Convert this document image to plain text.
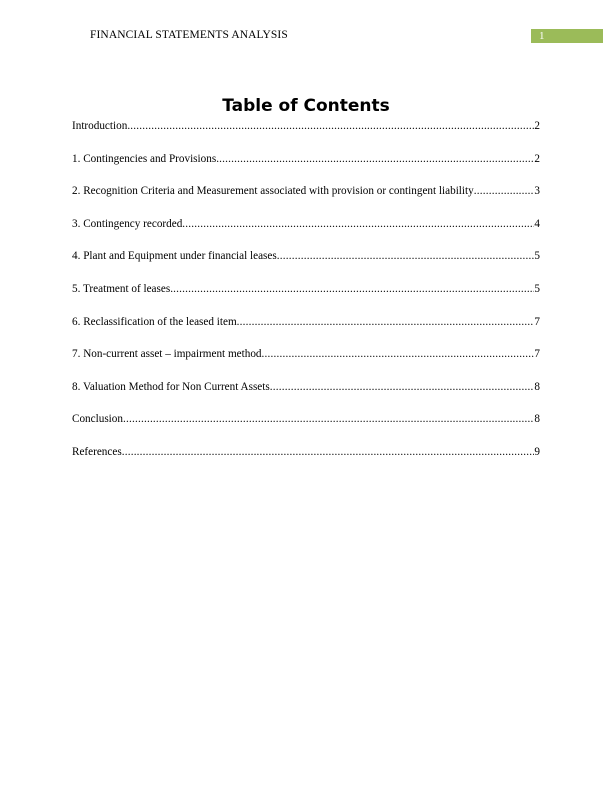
FINANCIAL STATEMENTS ANALYSIS	1
Table of Contents
Introduction .....	2
1. Contingencies and Provisions .....	2
2. Recognition Criteria and Measurement associated with provision or contingent liability .....	3
3. Contingency recorded .....	4
4. Plant and Equipment under financial leases .....	5
5. Treatment of leases .....	5
6. Reclassification of the leased item .....	7
7. Non-current asset – impairment method .....	7
8. Valuation Method for Non Current Assets .....	8
Conclusion .....	8
References .....	9
